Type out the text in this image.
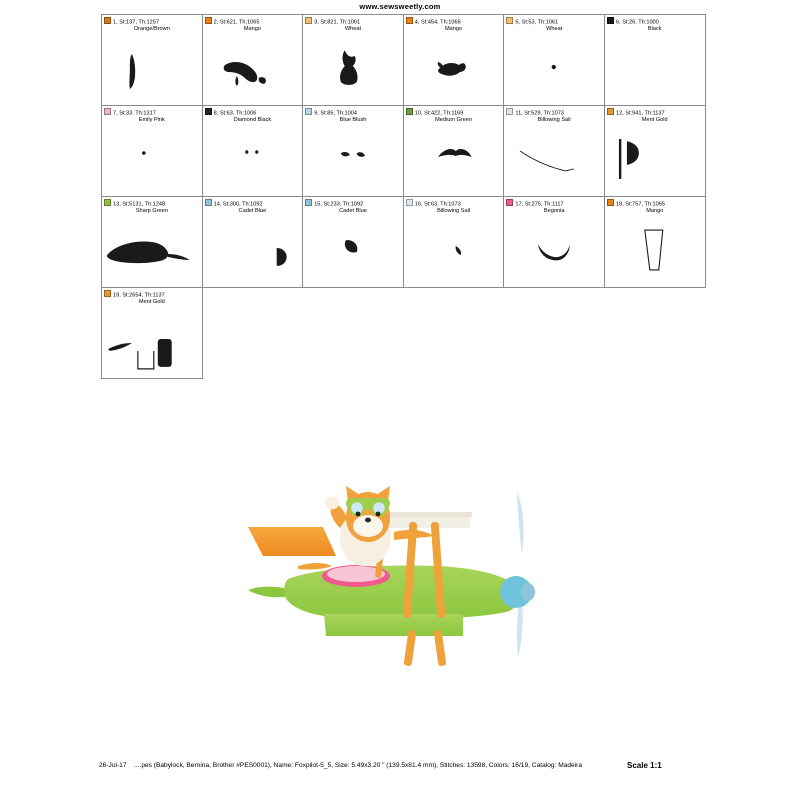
www.sewsweetly.com
1, St:137, Th:1257
Orange/Brown

2, St:621, Th:1065
Mango

3, St:821, Th:1061
Wheat

4, St:454, Th:1065
Mango

5, St:53, Th:1061
Wheat

6, St:26, Th:1000
Black

7, St:33, Th:1317
Emily Pink

8, St:63, Th:1006
Diamond Black

9, St:85, Th:1004
Blue Blush

10, St:422, Th:1169
Medium Green

11, St:529, Th:1073
Billowing Sail

12, St:941, Th:1137
Ment Gold

13, St:5131, Th:1248
Sharp Green

14, St:300, Th:1092
Cadet Blue

15, St:233, Th:1092
Cadet Blue

16, St:63, Th:1073
Billowing Sail

17, St:275, Th:1117
Begonia

18, St:757, Th:1065
Mango

19, St:2654, Th:1137
Ment Gold					

26-Jul-17 ....pes (Babylock, Bernina, Brother #PES0001), Name: Foxpilot-5_5, Size: 5.49x3.20 " (139.5x81.4 mm), Stitches: 13598, Colors: 16/19, Catalog: Madeira	Scale 1:1
